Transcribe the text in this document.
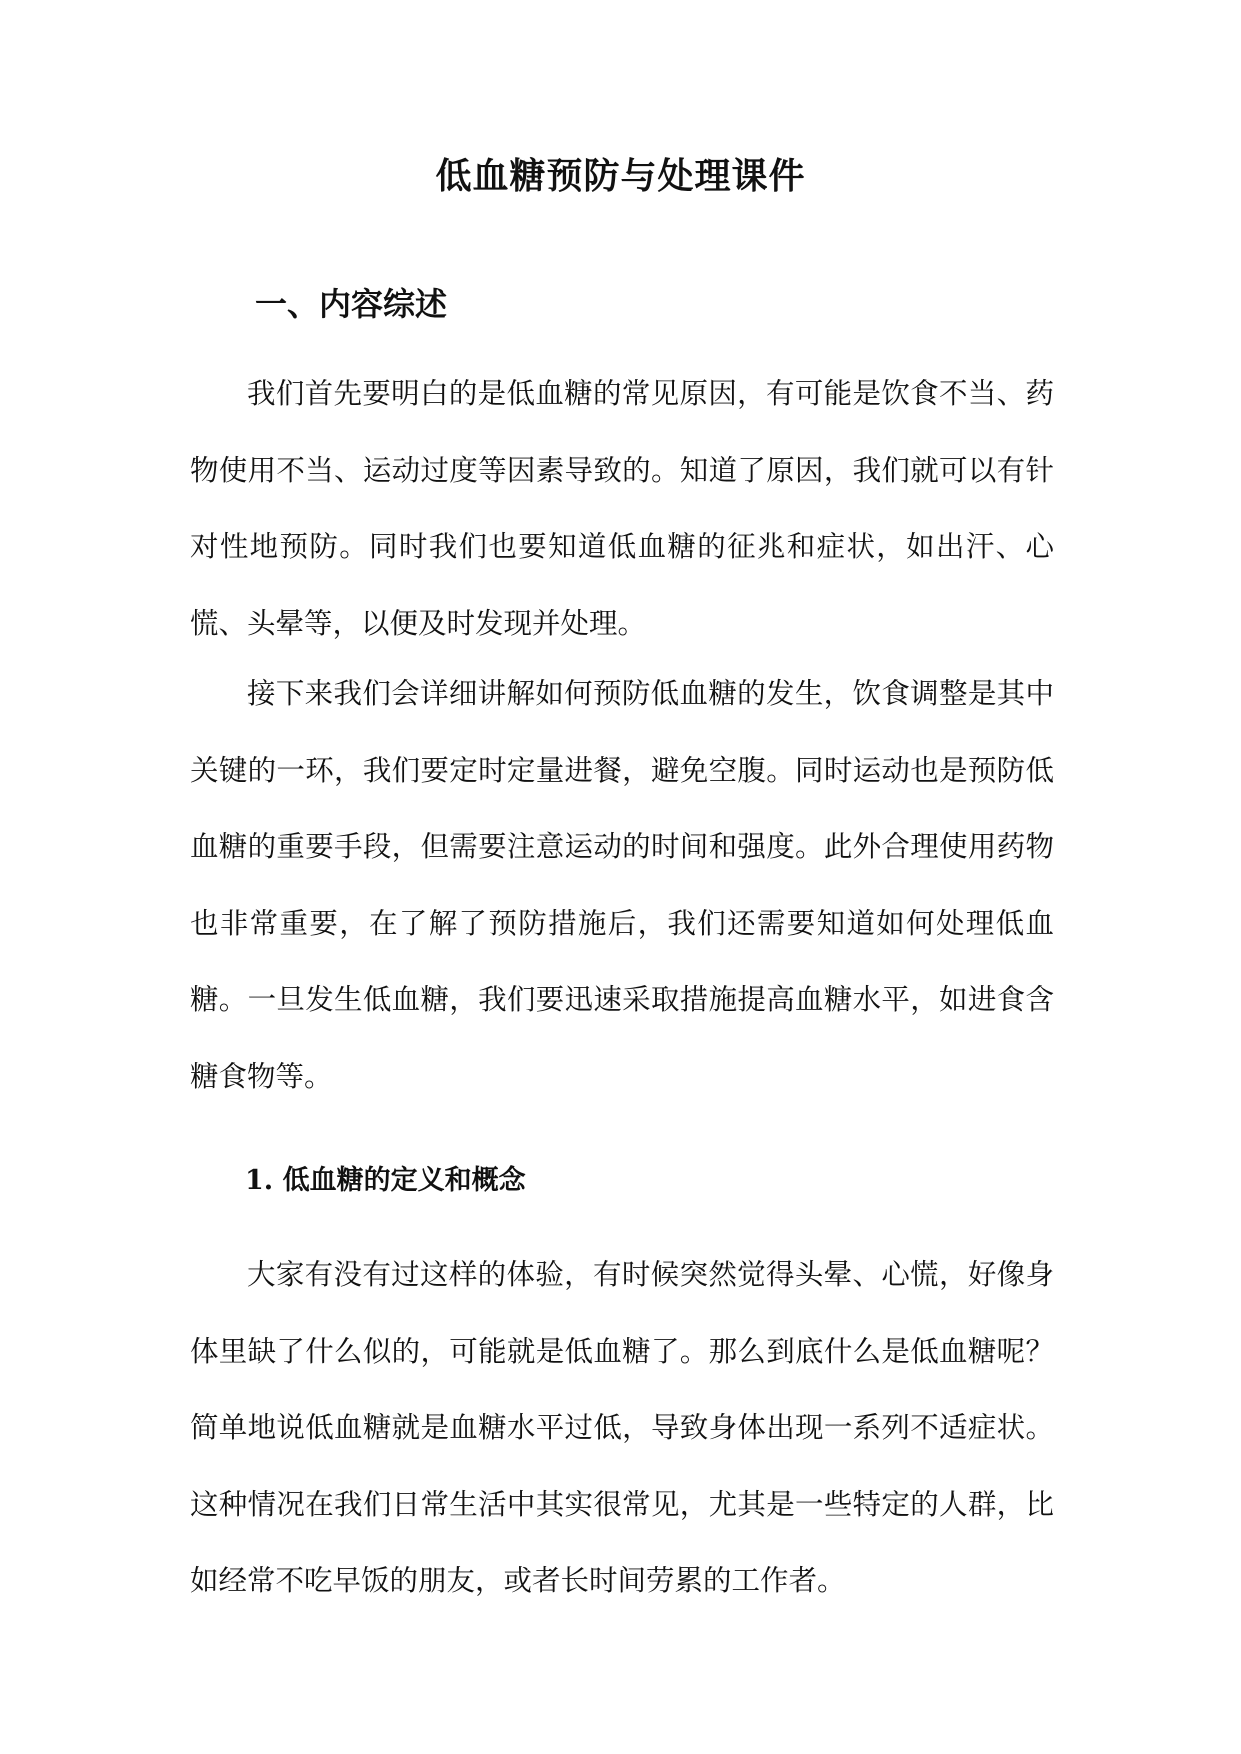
低血糖预防与处理课件
一、内容综述

我们首先要明白的是低血糖的常见原因，有可能是饮食不当、药物使用不当、运动过度等因素导致的。知道了原因，我们就可以有针对性地预防。同时我们也要知道低血糖的征兆和症状，如出汗、心慌、头晕等，以便及时发现并处理。

接下来我们会详细讲解如何预防低血糖的发生，饮食调整是其中关键的一环，我们要定时定量进餐，避免空腹。同时运动也是预防低血糖的重要手段，但需要注意运动的时间和强度。此外合理使用药物也非常重要，在了解了预防措施后，我们还需要知道如何处理低血糖。一旦发生低血糖，我们要迅速采取措施提高血糖水平，如进食含糖食物等。

1. 低血糖的定义和概念

大家有没有过这样的体验，有时候突然觉得头晕、心慌，好像身体里缺了什么似的，可能就是低血糖了。那么到底什么是低血糖呢？简单地说低血糖就是血糖水平过低，导致身体出现一系列不适症状。这种情况在我们日常生活中其实很常见，尤其是一些特定的人群，比如经常不吃早饭的朋友，或者长时间劳累的工作者。
